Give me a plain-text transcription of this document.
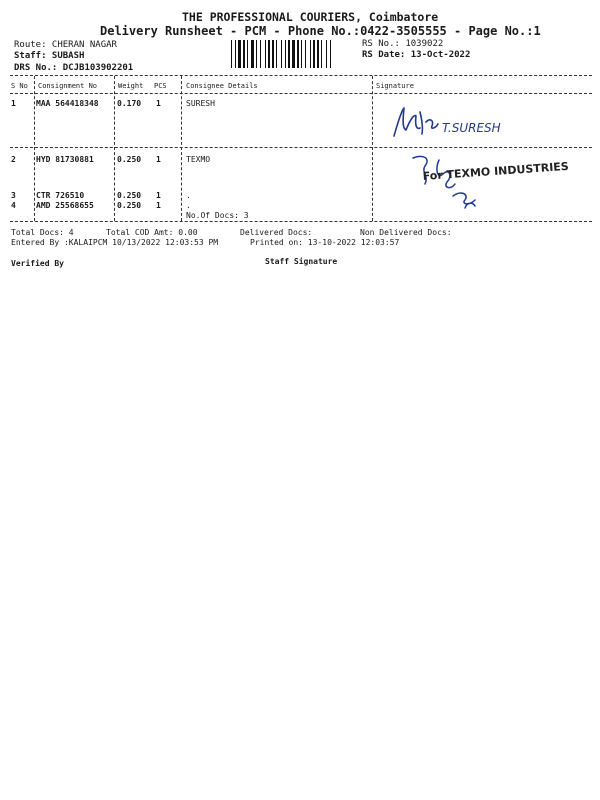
THE PROFESSIONAL COURIERS, Coimbatore
Delivery Runsheet - PCM - Phone No.:0422-3505555 - Page No.:1
Route: CHERAN NAGAR
Staff: SUBASH
DRS No.: DCJB103902201
RS No.: 1039022
RS Date: 13-Oct-2022
S No Consignment No	Weight PCS	Consignee Details	Signature
1	MAA 564418348 0.170 1	SURESH
2	HYD 81730881	0.250 1	TEXMO
3	CTR 726510	0.250 1	.
4	AMD 25568655	0.250 1	.
No.Of Docs: 3
T.SURESH
For TEXMO INDUSTRIES
Total Docs: 4	Total COD Amt: 0.00	Delivered Docs:	Non Delivered Docs:
Entered By :KALAIPCM 10/13/2022 12:03:53 PM	Printed on: 13-10-2022 12:03:57
Verified By	Staff Signature
